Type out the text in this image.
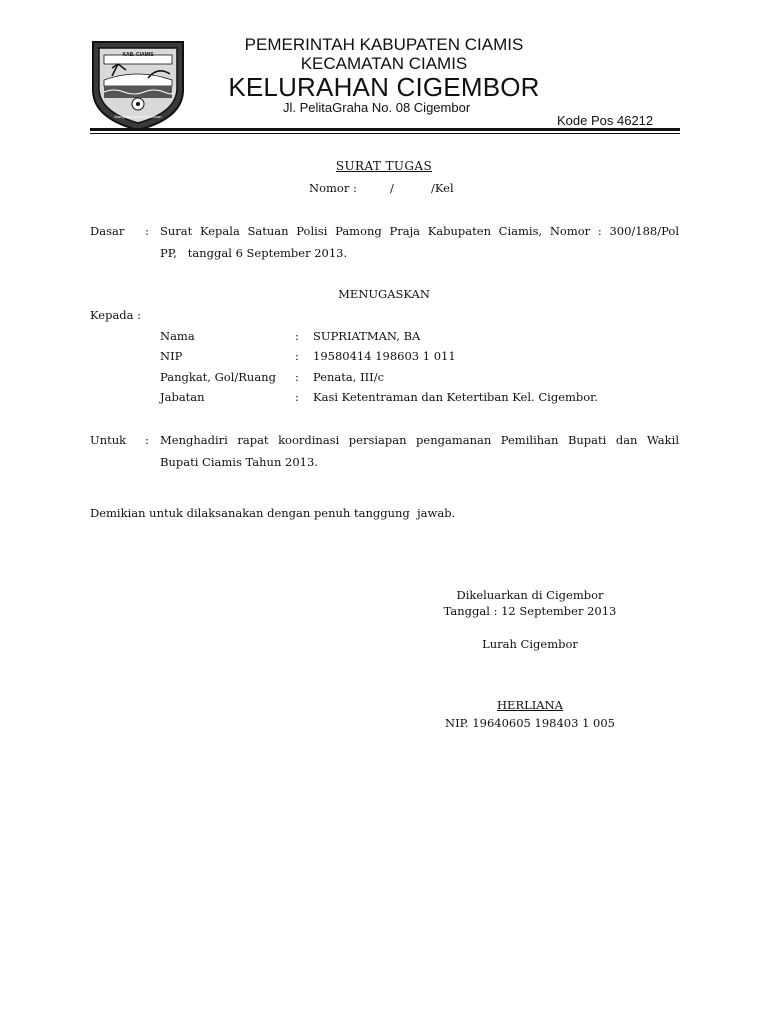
KAB. CIAMIS
Mangrasi Ayana Kesilusan
PEMERINTAH KABUPATEN CIAMIS
KECAMATAN CIAMIS
KELURAHAN CIGEMBOR
Jl. PelitaGraha No. 08 Cigembor
Kode Pos 46212
SURAT TUGAS
Nomor :	/	/Kel
Dasar : Surat Kepala Satuan Polisi Pamong Praja Kabupaten Ciamis, Nomor : 300/188/Pol
PP,   tanggal 6 September 2013.
MENUGASKAN
Kepada :
Nama	: SUPRIATMAN, BA
NIP	: 19580414 198603 1 011
Pangkat, Gol/Ruang : Penata, III/c
Jabatan	: Kasi Ketentraman dan Ketertiban Kel. Cigembor.
Untuk : Menghadiri rapat koordinasi persiapan pengamanan Pemilihan Bupati dan Wakil
Bupati Ciamis Tahun 2013.
Demikian untuk dilaksanakan dengan penuh tanggung  jawab.
Dikeluarkan di Cigembor
Tanggal : 12 September 2013
Lurah Cigembor
HERLIANA
NIP. 19640605 198403 1 005
